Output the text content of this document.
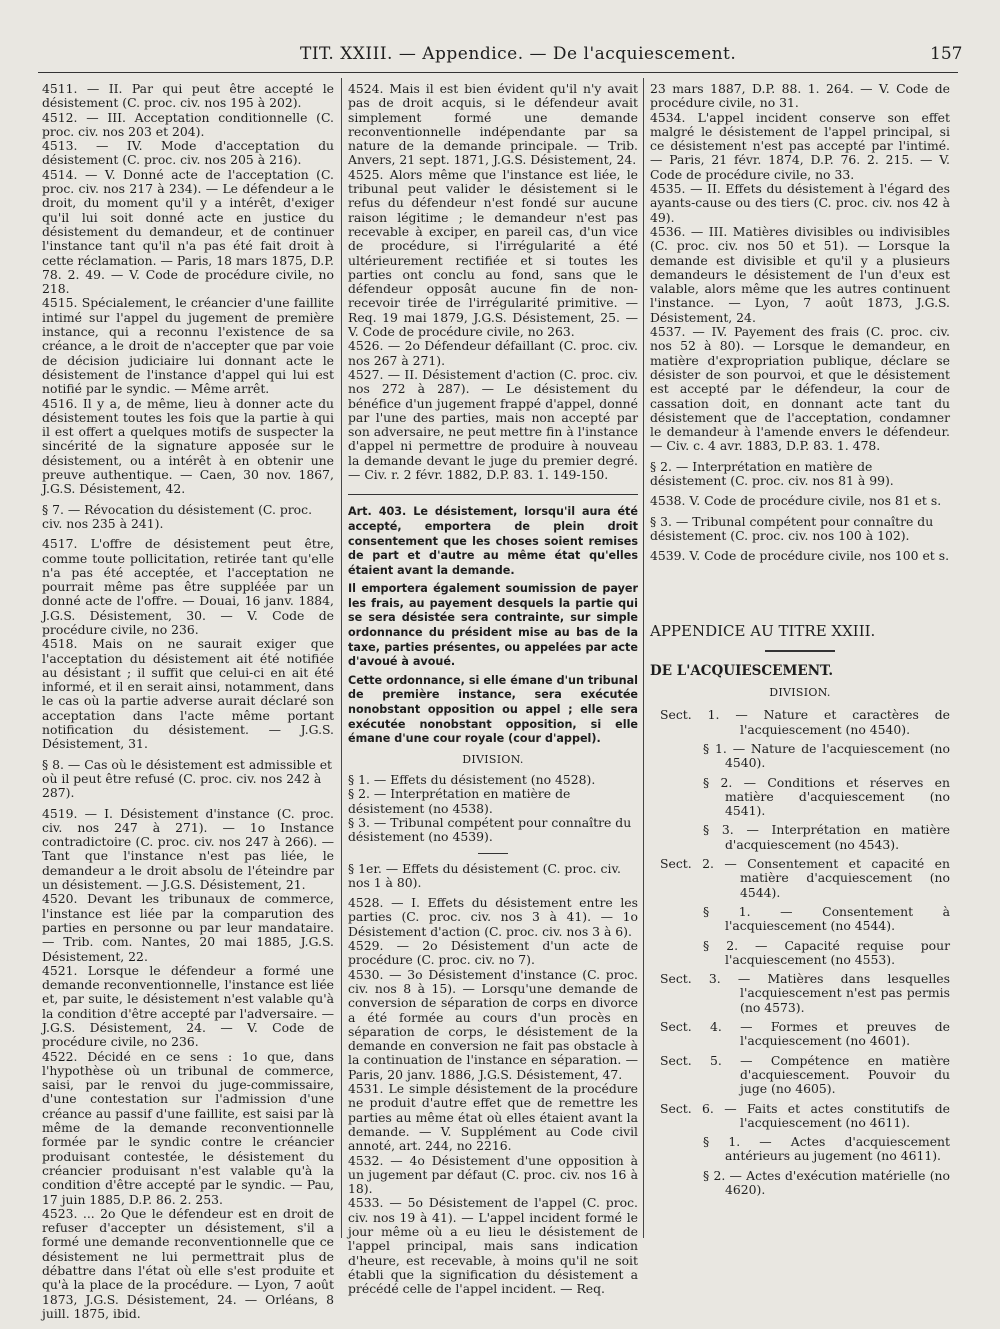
TIT. XXIII. — Appendice. — De l'acquiescement.	157

4511. — II. Par qui peut être accepté le désistement (C. proc. civ. nos 195 à 202).

4512. — III. Acceptation conditionnelle (C. proc. civ. nos 203 et 204).

4513. — IV. Mode d'acceptation du désistement (C. proc. civ. nos 205 à 216).

4514. — V. Donné acte de l'acceptation (C. proc. civ. nos 217 à 234). — Le défendeur a le droit, du moment qu'il y a intérêt, d'exiger qu'il lui soit donné acte en justice du désistement du demandeur, et de continuer l'instance tant qu'il n'a pas été fait droit à cette réclamation. — Paris, 18 mars 1875, D.P. 78. 2. 49. — V. Code de procédure civile, no 218.

4515. Spécialement, le créancier d'une faillite intimé sur l'appel du jugement de première instance, qui a reconnu l'existence de sa créance, a le droit de n'accepter que par voie de décision judiciaire lui donnant acte le désistement de l'instance d'appel qui lui est notifié par le syndic. — Même arrêt.

4516. Il y a, de même, lieu à donner acte du désistement toutes les fois que la partie à qui il est offert a quelques motifs de suspecter la sincérité de la signature apposée sur le désistement, ou a intérêt à en obtenir une preuve authentique. — Caen, 30 nov. 1867, J.G.S. Désistement, 42.

§ 7. — Révocation du désistement (C. proc. civ. nos 235 à 241).

4517. L'offre de désistement peut être, comme toute pollicitation, retirée tant qu'elle n'a pas été acceptée, et l'acceptation ne pourrait même pas être suppléée par un donné acte de l'offre. — Douai, 16 janv. 1884, J.G.S. Désistement, 30. — V. Code de procédure civile, no 236.

4518. Mais on ne saurait exiger que l'acceptation du désistement ait été notifiée au désistant ; il suffit que celui-ci en ait été informé, et il en serait ainsi, notamment, dans le cas où la partie adverse aurait déclaré son acceptation dans l'acte même portant notification du désistement. — J.G.S. Désistement, 31.

§ 8. — Cas où le désistement est admissible et où il peut être refusé (C. proc. civ. nos 242 à 287).

4519. — I. Désistement d'instance (C. proc. civ. nos 247 à 271). — 1o Instance contradictoire (C. proc. civ. nos 247 à 266). — Tant que l'instance n'est pas liée, le demandeur a le droit absolu de l'éteindre par un désistement. — J.G.S. Désistement, 21.

4520. Devant les tribunaux de commerce, l'instance est liée par la comparution des parties en personne ou par leur mandataire. — Trib. com. Nantes, 20 mai 1885, J.G.S. Désistement, 22.

4521. Lorsque le défendeur a formé une demande reconventionnelle, l'instance est liée et, par suite, le désistement n'est valable qu'à la condition d'être accepté par l'adversaire. — J.G.S. Désistement, 24. — V. Code de procédure civile, no 236.

4522. Décidé en ce sens : 1o que, dans l'hypothèse où un tribunal de commerce, saisi, par le renvoi du juge-commissaire, d'une contestation sur l'admission d'une créance au passif d'une faillite, est saisi par là même de la demande reconventionnelle formée par le syndic contre le créancier produisant contestée, le désistement du créancier produisant n'est valable qu'à la condition d'être accepté par le syndic. — Pau, 17 juin 1885, D.P. 86. 2. 253.

4523. ... 2o Que le défendeur est en droit de refuser d'accepter un désistement, s'il a formé une demande reconventionnelle que ce désistement ne lui permettrait plus de débattre dans l'état où elle s'est produite et qu'à la place de la procédure. — Lyon, 7 août 1873, J.G.S. Désistement, 24. — Orléans, 8 juill. 1875, ibid.

4524. Mais il est bien évident qu'il n'y avait pas de droit acquis, si le défendeur avait simplement formé une demande reconventionnelle indépendante par sa nature de la demande principale. — Trib. Anvers, 21 sept. 1871, J.G.S. Désistement, 24.

4525. Alors même que l'instance est liée, le tribunal peut valider le désistement si le refus du défendeur n'est fondé sur aucune raison légitime ; le demandeur n'est pas recevable à exciper, en pareil cas, d'un vice de procédure, si l'irrégularité a été ultérieurement rectifiée et si toutes les parties ont conclu au fond, sans que le défendeur opposât aucune fin de non-recevoir tirée de l'irrégularité primitive. — Req. 19 mai 1879, J.G.S. Désistement, 25. — V. Code de procédure civile, no 263.

4526. — 2o Défendeur défaillant (C. proc. civ. nos 267 à 271).

4527. — II. Désistement d'action (C. proc. civ. nos 272 à 287). — Le désistement du bénéfice d'un jugement frappé d'appel, donné par l'une des parties, mais non accepté par son adversaire, ne peut mettre fin à l'instance d'appel ni permettre de produire à nouveau la demande devant le juge du premier degré. — Civ. r. 2 févr. 1882, D.P. 83. 1. 149-150.

Art. 403. Le désistement, lorsqu'il aura été accepté, emportera de plein droit consentement que les choses soient remises de part et d'autre au même état qu'elles étaient avant la demande.

Il emportera également soumission de payer les frais, au payement desquels la partie qui se sera désistée sera contrainte, sur simple ordonnance du président mise au bas de la taxe, parties présentes, ou appelées par acte d'avoué à avoué.

Cette ordonnance, si elle émane d'un tribunal de première instance, sera exécutée nonobstant opposition ou appel ; elle sera exécutée nonobstant opposition, si elle émane d'une cour royale (cour d'appel).

DIVISION.

§ 1. — Effets du désistement (no 4528).

§ 2. — Interprétation en matière de désistement (no 4538).

§ 3. — Tribunal compétent pour connaître du désistement (no 4539).

§ 1er. — Effets du désistement (C. proc. civ. nos 1 à 80).

4528. — I. Effets du désistement entre les parties (C. proc. civ. nos 3 à 41). — 1o Désistement d'action (C. proc. civ. nos 3 à 6).

4529. — 2o Désistement d'un acte de procédure (C. proc. civ. no 7).

4530. — 3o Désistement d'instance (C. proc. civ. nos 8 à 15). — Lorsqu'une demande de conversion de séparation de corps en divorce a été formée au cours d'un procès en séparation de corps, le désistement de la demande en conversion ne fait pas obstacle à la continuation de l'instance en séparation. — Paris, 20 janv. 1886, J.G.S. Désistement, 47.

4531. Le simple désistement de la procédure ne produit d'autre effet que de remettre les parties au même état où elles étaient avant la demande. — V. Supplément au Code civil annoté, art. 244, no 2216.

4532. — 4o Désistement d'une opposition à un jugement par défaut (C. proc. civ. nos 16 à 18).

4533. — 5o Désistement de l'appel (C. proc. civ. nos 19 à 41). — L'appel incident formé le jour même où a eu lieu le désistement de l'appel principal, mais sans indication d'heure, est recevable, à moins qu'il ne soit établi que la signification du désistement a précédé celle de l'appel incident. — Req.

23 mars 1887, D.P. 88. 1. 264. — V. Code de procédure civile, no 31.

4534. L'appel incident conserve son effet malgré le désistement de l'appel principal, si ce désistement n'est pas accepté par l'intimé. — Paris, 21 févr. 1874, D.P. 76. 2. 215. — V. Code de procédure civile, no 33.

4535. — II. Effets du désistement à l'égard des ayants-cause ou des tiers (C. proc. civ. nos 42 à 49).

4536. — III. Matières divisibles ou indivisibles (C. proc. civ. nos 50 et 51). — Lorsque la demande est divisible et qu'il y a plusieurs demandeurs le désistement de l'un d'eux est valable, alors même que les autres continuent l'instance. — Lyon, 7 août 1873, J.G.S. Désistement, 24.

4537. — IV. Payement des frais (C. proc. civ. nos 52 à 80). — Lorsque le demandeur, en matière d'expropriation publique, déclare se désister de son pourvoi, et que le désistement est accepté par le défendeur, la cour de cassation doit, en donnant acte tant du désistement que de l'acceptation, condamner le demandeur à l'amende envers le défendeur. — Civ. c. 4 avr. 1883, D.P. 83. 1. 478.

§ 2. — Interprétation en matière de désistement (C. proc. civ. nos 81 à 99).

4538. V. Code de procédure civile, nos 81 et s.

§ 3. — Tribunal compétent pour connaître du désistement (C. proc. civ. nos 100 à 102).

4539. V. Code de procédure civile, nos 100 et s.

APPENDICE AU TITRE XXIII.

DE L'ACQUIESCEMENT.

DIVISION.

Sect. 1. — Nature et caractères de l'acquiescement (no 4540).

§ 1. — Nature de l'acquiescement (no 4540).

§ 2. — Conditions et réserves en matière d'acquiescement (no 4541).

§ 3. — Interprétation en matière d'acquiescement (no 4543).

Sect. 2. — Consentement et capacité en matière d'acquiescement (no 4544).

§ 1. — Consentement à l'acquiescement (no 4544).

§ 2. — Capacité requise pour l'acquiescement (no 4553).

Sect. 3. — Matières dans lesquelles l'acquiescement n'est pas permis (no 4573).

Sect. 4. — Formes et preuves de l'acquiescement (no 4601).

Sect. 5. — Compétence en matière d'acquiescement. Pouvoir du juge (no 4605).

Sect. 6. — Faits et actes constitutifs de l'acquiescement (no 4611).

§ 1. — Actes d'acquiescement antérieurs au jugement (no 4611).

§ 2. — Actes d'exécution matérielle (no 4620).
